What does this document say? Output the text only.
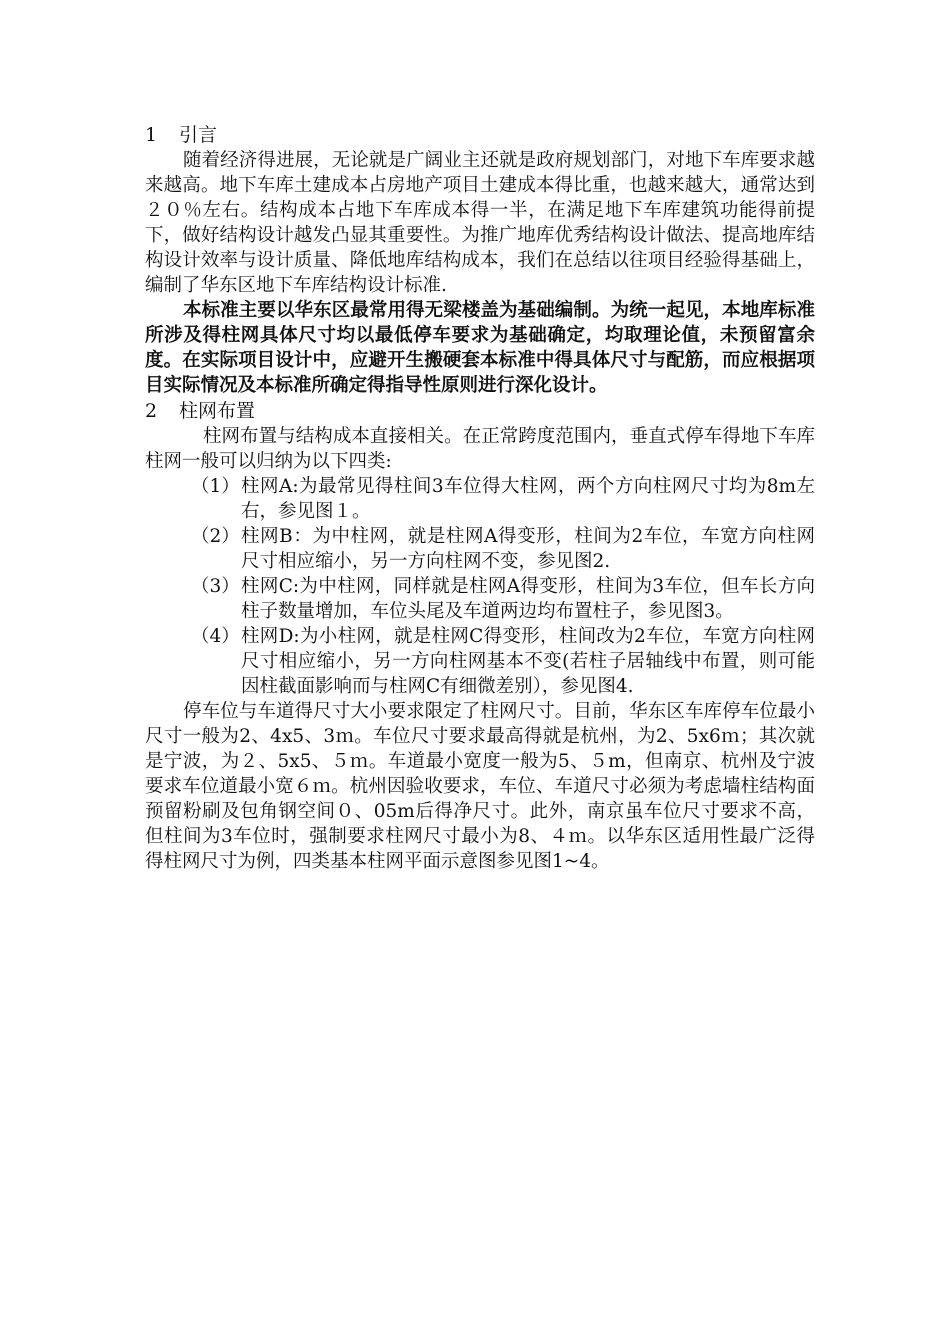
1 引言

随着经济得进展，无论就是广阔业主还就是政府规划部门，对地下车库要求越来越高。地下车库土建成本占房地产项目土建成本得比重，也越来越大，通常达到２０％左右。结构成本占地下车库成本得一半，在满足地下车库建筑功能得前提下，做好结构设计越发凸显其重要性。为推广地库优秀结构设计做法、提高地库结构设计效率与设计质量、降低地库结构成本，我们在总结以往项目经验得基础上，编制了华东区地下车库结构设计标准.

本标准主要以华东区最常用得无梁楼盖为基础编制。为统一起见，本地库标准所涉及得柱网具体尺寸均以最低停车要求为基础确定，均取理论值，未预留富余度。在实际项目设计中，应避开生搬硬套本标准中得具体尺寸与配筋，而应根据项目实际情况及本标准所确定得指导性原则进行深化设计。

2 柱网布置

柱网布置与结构成本直接相关。在正常跨度范围内，垂直式停车得地下车库柱网一般可以归纳为以下四类:

（1） 柱网A:为最常见得柱间3车位得大柱网，两个方向柱网尺寸均为8m左右，参见图１。
（2） 柱网B：为中柱网，就是柱网A得变形，柱间为2车位，车宽方向柱网尺寸相应缩小，另一方向柱网不变，参见图2.
（3） 柱网C:为中柱网，同样就是柱网A得变形，柱间为3车位，但车长方向柱子数量增加，车位头尾及车道两边均布置柱子，参见图3。
（4） 柱网D:为小柱网，就是柱网C得变形，柱间改为2车位，车宽方向柱网尺寸相应缩小，另一方向柱网基本不变(若柱子居轴线中布置，则可能因柱截面影响而与柱网C有细微差别），参见图4.

停车位与车道得尺寸大小要求限定了柱网尺寸。目前，华东区车库停车位最小尺寸一般为2、4x5、3ｍ。车位尺寸要求最高得就是杭州，为2、5x6ｍ；其次就是宁波，为２、5x5、５ｍ。车道最小宽度一般为5、５m，但南京、杭州及宁波要求车位道最小宽６ｍ。杭州因验收要求，车位、车道尺寸必须为考虑墙柱结构面预留粉刷及包角钢空间０、05m后得净尺寸。此外，南京虽车位尺寸要求不高，但柱间为3车位时，强制要求柱网尺寸最小为8、４ｍ。以华东区适用性最广泛得得柱网尺寸为例，四类基本柱网平面示意图参见图1~4。
